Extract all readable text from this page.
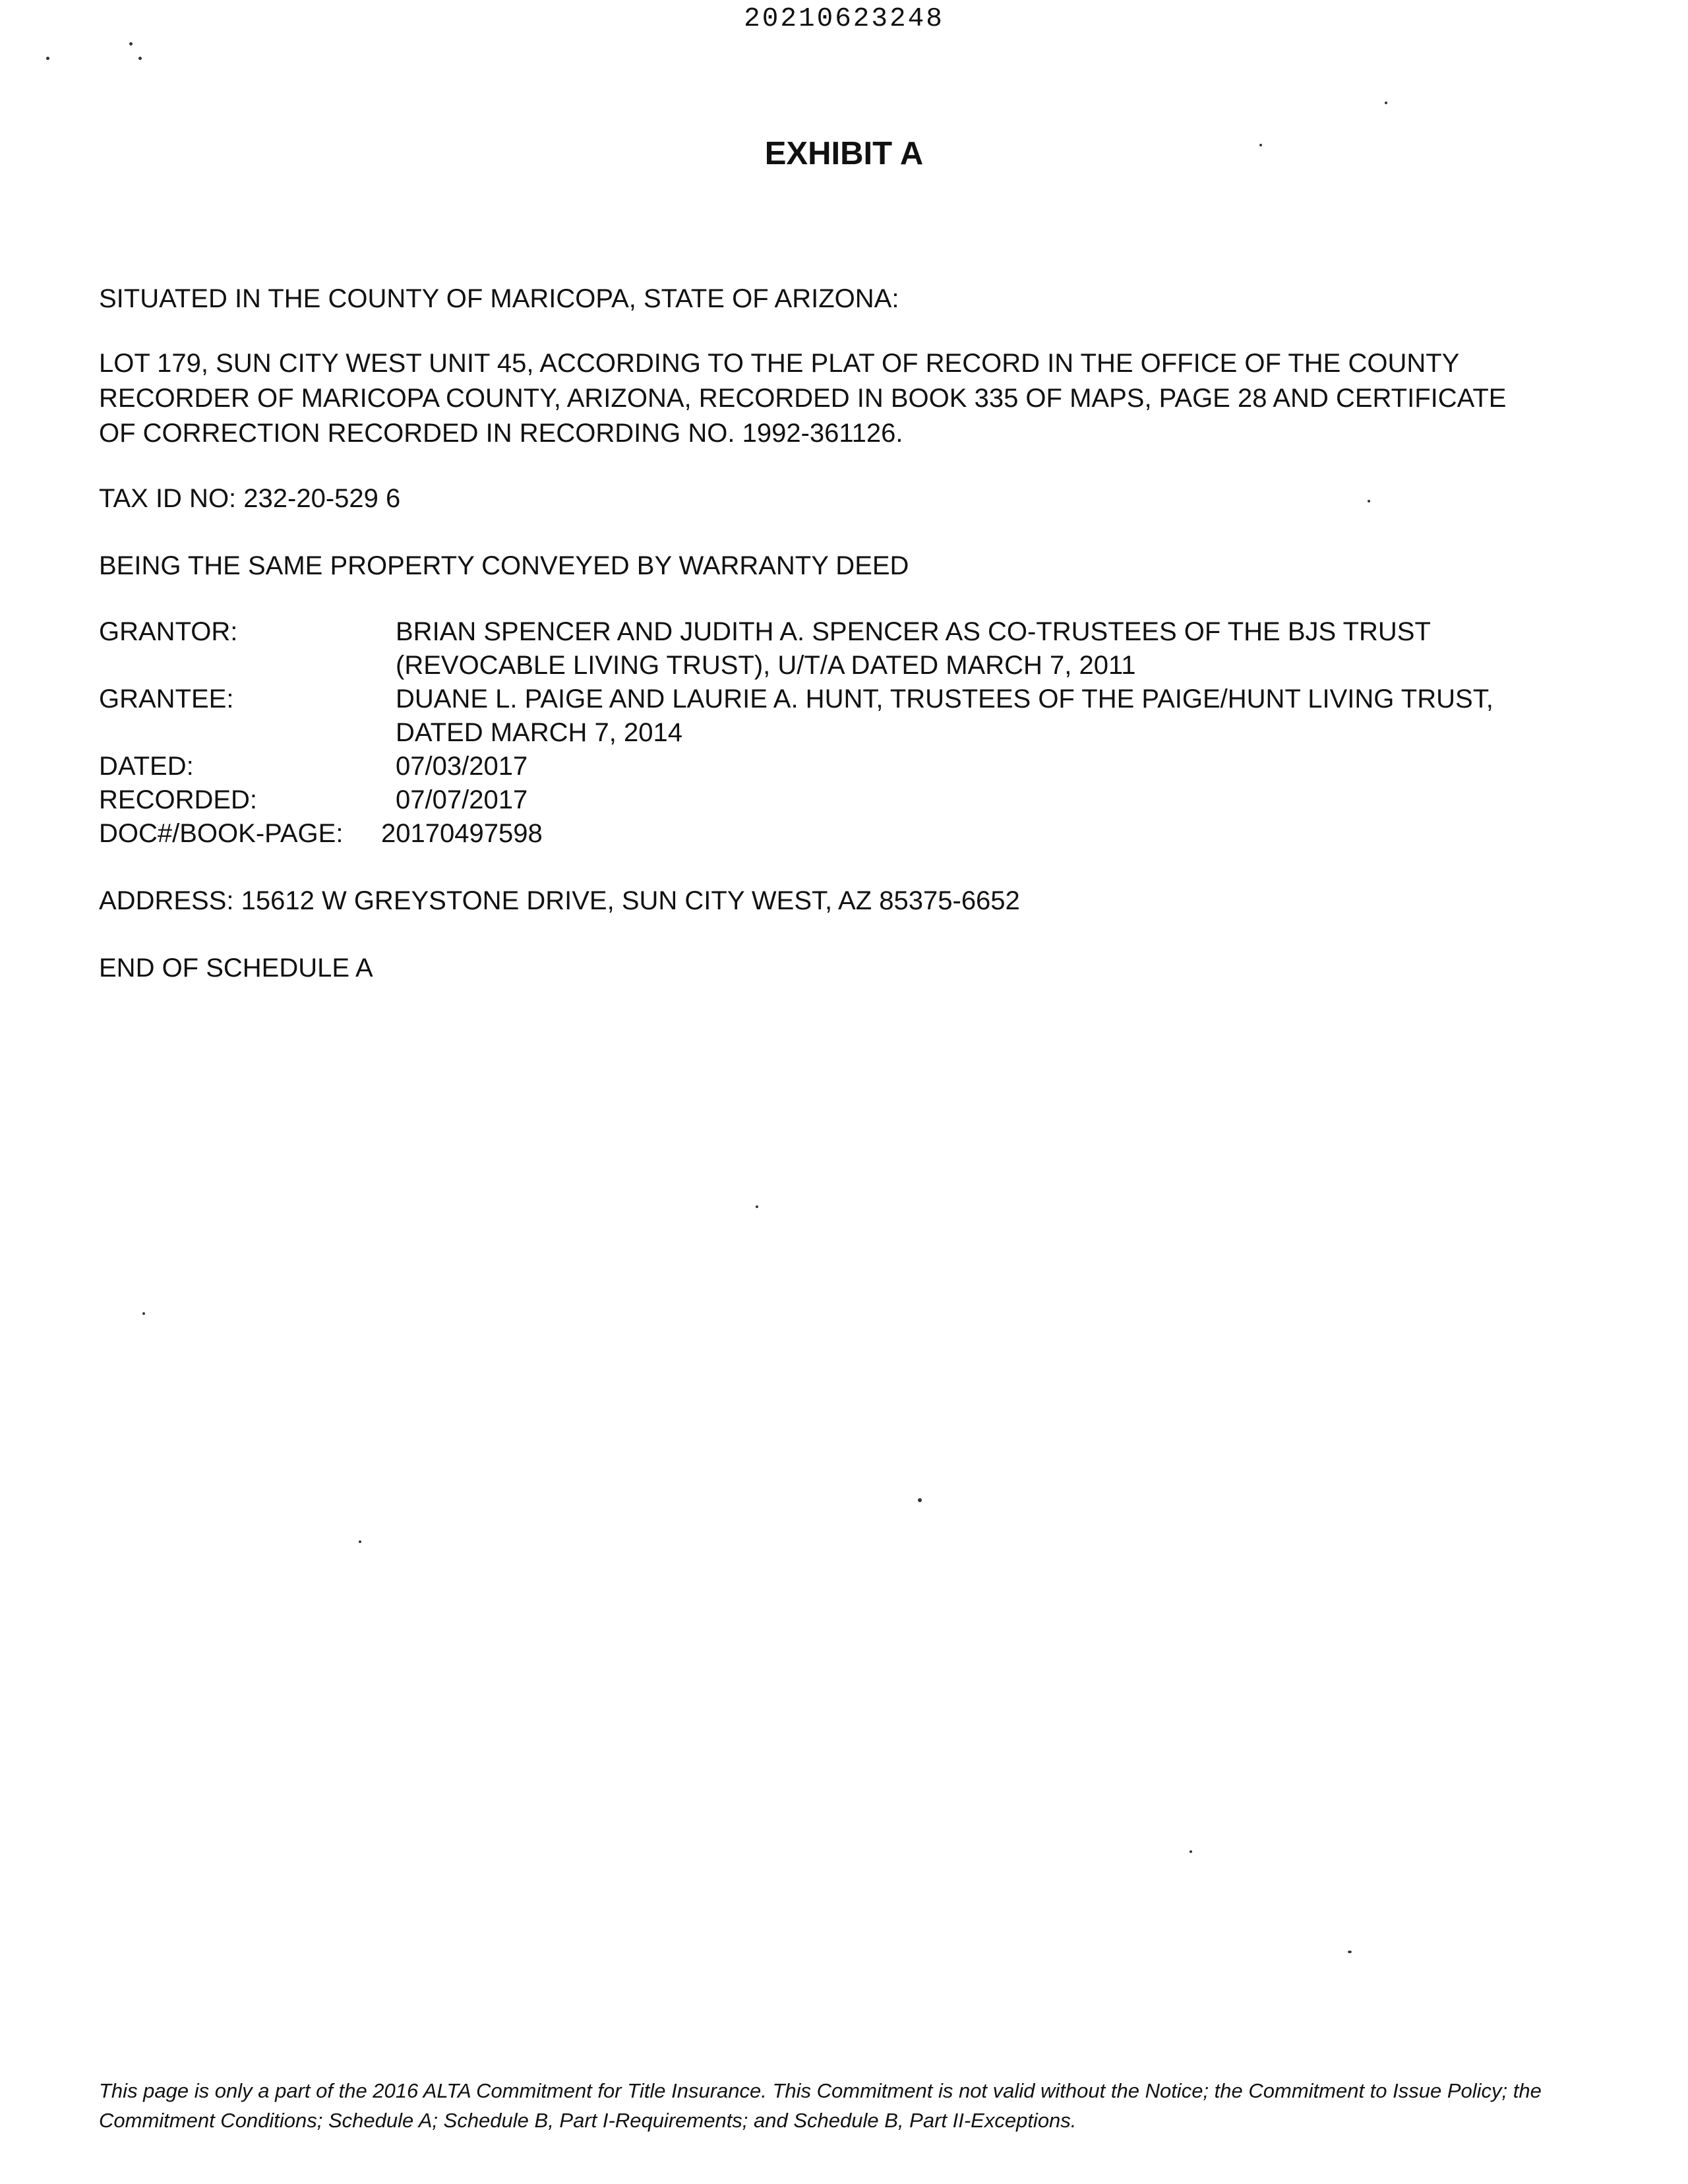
20210623248
EXHIBIT A

SITUATED IN THE COUNTY OF MARICOPA, STATE OF ARIZONA:

LOT 179, SUN CITY WEST UNIT 45, ACCORDING TO THE PLAT OF RECORD IN THE OFFICE OF THE COUNTY
RECORDER OF MARICOPA COUNTY, ARIZONA, RECORDED IN BOOK 335 OF MAPS, PAGE 28 AND CERTIFICATE
OF CORRECTION RECORDED IN RECORDING NO. 1992-361126.

TAX ID NO: 232-20-529 6

BEING THE SAME PROPERTY CONVEYED BY WARRANTY DEED

GRANTOR:	BRIAN SPENCER AND JUDITH A. SPENCER AS CO-TRUSTEES OF THE BJS TRUST
(REVOCABLE LIVING TRUST), U/T/A DATED MARCH 7, 2011
GRANTEE:	DUANE L. PAIGE AND LAURIE A. HUNT, TRUSTEES OF THE PAIGE/HUNT LIVING TRUST,
DATED MARCH 7, 2014
DATED:	07/03/2017
RECORDED:	07/07/2017
DOC#/BOOK-PAGE:	20170497598

ADDRESS: 15612 W GREYSTONE DRIVE, SUN CITY WEST, AZ 85375-6652

END OF SCHEDULE A

This page is only a part of the 2016 ALTA Commitment for Title Insurance. This Commitment is not valid without the Notice; the Commitment to Issue Policy; the
Commitment Conditions; Schedule A; Schedule B, Part I-Requirements; and Schedule B, Part II-Exceptions.
